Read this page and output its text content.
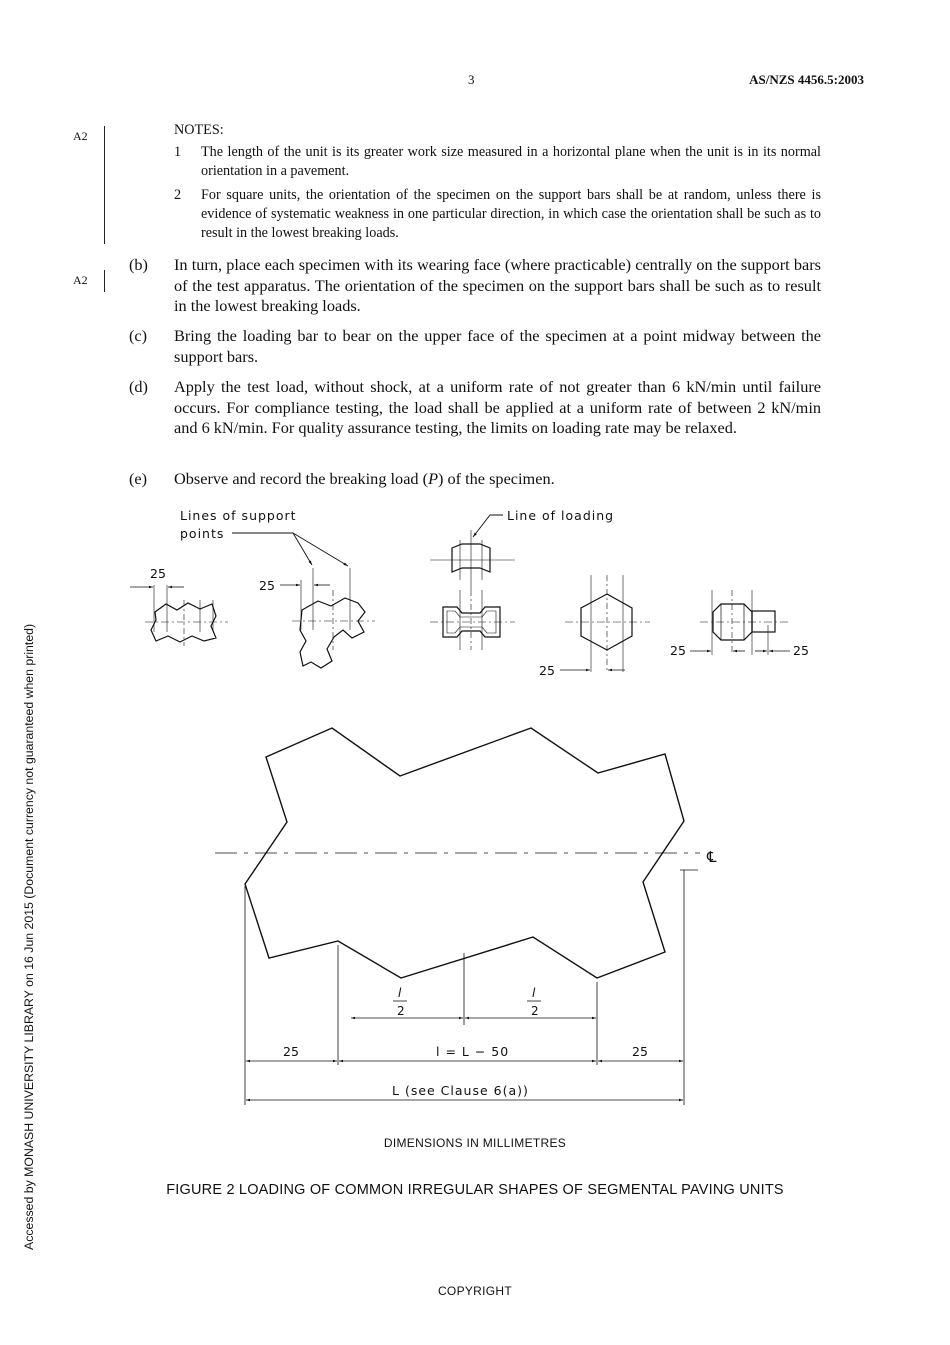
3	AS/NZS 4456.5:2003
A2
A2
NOTES:
1 The length of the unit is its greater work size measured in a horizontal plane when the unit is in its normal orientation in a pavement.
2 For square units, the orientation of the specimen on the support bars shall be at random, unless there is evidence of systematic weakness in one particular direction, in which case the orientation shall be such as to result in the lowest breaking loads.
(b) In turn, place each specimen with its wearing face (where practicable) centrally on the support bars of the test apparatus. The orientation of the specimen on the support bars shall be such as to result in the lowest breaking loads.
(c) Bring the loading bar to bear on the upper face of the specimen at a point midway between the support bars.
(d) Apply the test load, without shock, at a uniform rate of not greater than 6 kN/min until failure occurs. For compliance testing, the load shall be applied at a uniform rate of between 2 kN/min and 6 kN/min. For quality assurance testing, the limits on loading rate may be relaxed.
(e) Observe and record the breaking load (P) of the specimen.
Lines of support
points
Line of loading
25
25
25
25	25
℄
l
2
l
2
25	l = L − 50	25
L (see Clause 6(a))
DIMENSIONS IN MILLIMETRES
FIGURE 2 LOADING OF COMMON IRREGULAR SHAPES OF SEGMENTAL PAVING UNITS
COPYRIGHT
Accessed by MONASH UNIVERSITY LIBRARY on 16 Jun 2015 (Document currency not guaranteed when printed)
